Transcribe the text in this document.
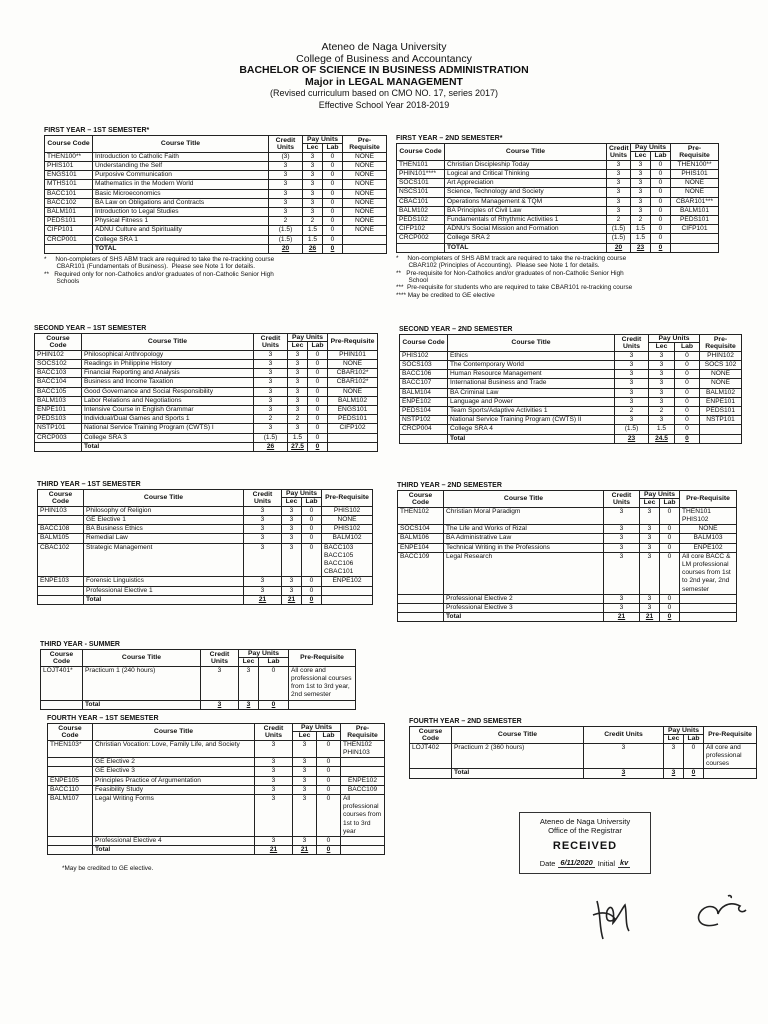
Ateneo de Naga University
College of Business and Accountancy
BACHELOR OF SCIENCE IN BUSINESS ADMINISTRATION
Major in LEGAL MANAGEMENT
(Revised curriculum based on CMO NO. 17, series 2017)
Effective School Year 2018-2019
FIRST YEAR – 1ST SEMESTER*
Course Code	Course Title	Credit Units	Pay Units		Pre-Requisite
			Lec	Lab	
THEN100**	Introduction to Catholic Faith	(3)	3	0	NONE
PHIS101	Understanding the Self	3	3	0	NONE
ENGS101	Purposive Communication	3	3	0	NONE
MTHS101	Mathematics in the Modern World	3	3	0	NONE
BACC101	Basic Microeconomics	3	3	0	NONE
BACC102	BA Law on Obligations and Contracts	3	3	0	NONE
BALM101	Introduction to Legal Studies	3	3	0	NONE
PEDS101	Physical Fitness 1	2	2	0	NONE
CIFP101	ADNU Culture and Spirituality	(1.5)	1.5	0	NONE
CRCP001	College SRA 1	(1.5)	1.5	0	
	TOTAL	20	26	0	
*     Non-completers of SHS ABM track are required to take the re-tracking course
CBAR101 (Fundamentals of Business).  Please see Note 1 for details.
**   Required only for non-Catholics and/or graduates of non-Catholic Senior High
Schools
FIRST YEAR – 2ND SEMESTER*
Course Code	Course Title	Credit Units	Pay Units		Pre-Requisite
			Lec	Lab	
THEN101	Christian Discipleship Today	3	3	0	THEN100**
PHIN101****	Logical and Critical Thinking	3	3	0	PHIS101
SOCS101	Art Appreciation	3	3	0	NONE
NSCS101	Science, Technology and Society	3	3	0	NONE
CBAC101	Operations Management & TQM	3	3	0	CBAR101***
BALM102	BA Principles of Civil Law	3	3	0	BALM101
PEDS102	Fundamentals of Rhythmic Activities 1	2	2	0	PEDS101
CIFP102	ADNU's Social Mission and Formation	(1.5)	1.5	0	CIFP101
CRCP002	College SRA 2	(1.5)	1.5	0	
	TOTAL	20	23	0	
*     Non-completers of SHS ABM track are required to take the re-tracking course
CBAR102 (Principles of Accounting).  Please see Note 1 for details.
**   Pre-requisite for Non-Catholics and/or graduates of non-Catholic Senior High
School
***  Pre-requisite for students who are required to take CBAR101 re-tracking course
**** May be credited to GE elective
SECOND YEAR – 1ST SEMESTER
Course Code	Course Title	Credit Units	Pay Units		Pre-Requisite
			Lec	Lab	
PHIN102	Philosophical Anthropology	3	3	0	PHIN101
SOCS102	Readings in Philippine History	3	3	0	NONE
BACC103	Financial Reporting and Analysis	3	3	0	CBAR102*
BACC104	Business and Income Taxation	3	3	0	CBAR102*
BACC105	Good Governance and Social Responsibility	3	3	0	NONE
BALM103	Labor Relations and Negotiations	3	3	0	BALM102
ENPE101	Intensive Course in English Grammar	3	3	0	ENGS101
PEDS103	Individual/Dual Games and Sports 1	2	2	0	PEDS101
NSTP101	National Service Training Program (CWTS) I	3	3	0	CIFP102
CRCP003	College SRA 3	(1.5)	1.5	0	
	Total	26	27.5	0	
SECOND YEAR – 2ND SEMESTER
Course Code	Course Title	Credit Units	Pay Units		Pre-Requisite
			Lec	Lab	
PHIS102	Ethics	3	3	0	PHIN102
SOCS103	The Contemporary World	3	3	0	SOCS 102
BACC106	Human Resource Management	3	3	0	NONE
BACC107	International Business and Trade	3	3	0	NONE
BALM104	BA Criminal Law	3	3	0	BALM102
ENPE102	Language and Power	3	3	0	ENPE101
PEDS104	Team Sports/Adaptive Activities 1	2	2	0	PEDS101
NSTP102	National Service Training Program (CWTS) II	3	3	0	NSTP101
CRCP004	College SRA 4	(1.5)	1.5	0	
	Total	23	24.5	0	
THIRD YEAR – 1ST SEMESTER
Course Code	Course Title	Credit Units	Pay Units		Pre-Requisite
			Lec	Lab	
PHIN103	Philosophy of Religion	3	3	0	PHIS102
	GE Elective 1	3	3	0	NONE
BACC108	BA Business Ethics	3	3	0	PHIS102
BALM105	Remedial Law	3	3	0	BALM102
CBAC102	Strategic Management	3	3	0	BACC103
BACC105
BACC106
CBAC101
ENPE103	Forensic Linguistics	3	3	0	ENPE102
	Professional Elective 1	3	3	0	
	Total	21	21	0	
THIRD YEAR – 2ND SEMESTER
Course Code	Course Title	Credit Units	Pay Units		Pre-Requisite
			Lec	Lab	
THEN102	Christian Moral Paradigm	3	3	0	THEN101
PHIS102
SOCS104	The Life and Works of Rizal	3	3	0	NONE
BALM106	BA Administrative Law	3	3	0	BALM103
ENPE104	Technical Writing in the Professions	3	3	0	ENPE102
BACC109	Legal Research	3	3	0	All core BACC & LM professional courses from 1st to 2nd year, 2nd semester
	Professional Elective 2	3	3	0	
	Professional Elective 3	3	3	0	
	Total	21	21	0	
THIRD YEAR - SUMMER
Course Code	Course Title	Credit Units	Pay Units		Pre-Requisite
			Lec	Lab	
LOJT401*	Practicum 1 (240 hours)	3	3	0	All core and professional courses from 1st to 3rd year, 2nd semester
	Total	3	3	0	
FOURTH YEAR – 1ST SEMESTER
Course Code	Course Title	Credit Units	Pay Units		Pre-Requisite
			Lec	Lab	
THEN103*	Christian Vocation: Love, Family Life, and Society	3	3	0	THEN102
PHIN103
	GE Elective 2	3	3	0	
	GE Elective 3	3	3	0	
ENPE105	Principles Practice of Argumentation	3	3	0	ENPE102
BACC110	Feasibility Study	3	3	0	BACC109
BALM107	Legal Writing Forms	3	3	0	All professional courses from 1st to 3rd year
	Professional Elective 4	3	3	0	
	Total	21	21	0	
FOURTH YEAR – 2ND SEMESTER
Course Code	Course Title	Credit Units	Pay Units		Pre-Requisite
			Lec	Lab	
LOJT402	Practicum 2 (360 hours)	3	3	0	All core and professional courses
	Total	3	3	0	
*May be credited to GE elective.
Ateneo de Naga University
Office of the Registrar
RECEIVED
Date 6/11/2020 Initial kv
